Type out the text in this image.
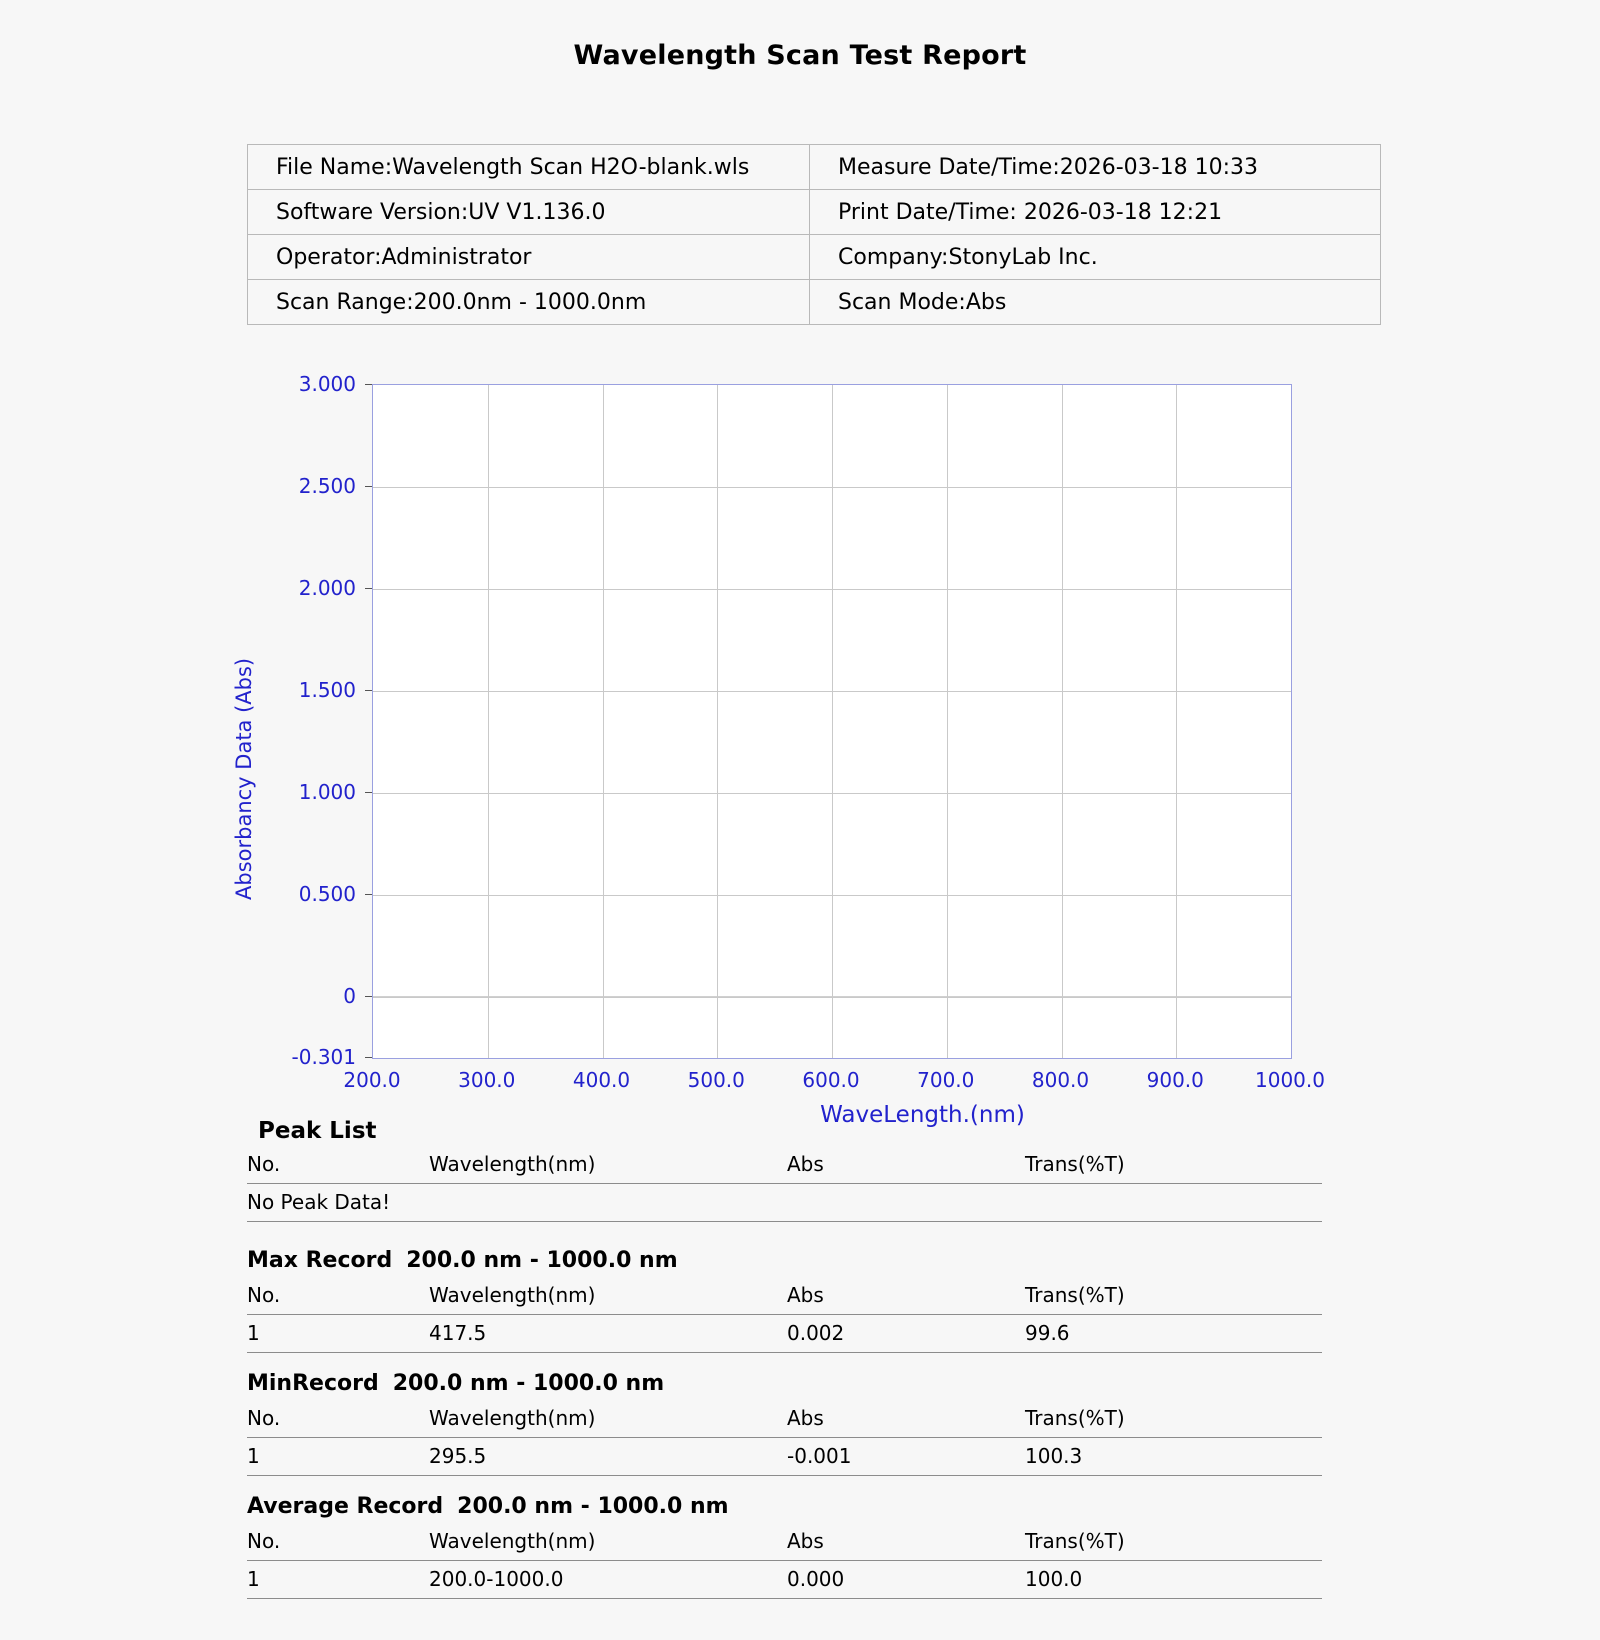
Wavelength Scan Test Report
File Name:Wavelength Scan H2O-blank.wls	Measure Date/Time:2026-03-18 10:33
Software Version:UV V1.136.0	Print Date/Time: 2026-03-18 12:21
Operator:Administrator	Company:StonyLab Inc.
Scan Range:200.0nm - 1000.0nm	Scan Mode:Abs
Absorbancy Data (Abs)
3.000
2.500
2.000
1.500
1.000
0.500
0
-0.301
200.0	300.0	400.0	500.0	600.0	700.0	800.0	900.0	1000.0
WaveLength.(nm)
Peak List
No.	Wavelength(nm)	Abs	Trans(%T)
No Peak Data!
Max Record 200.0 nm - 1000.0 nm
No.	Wavelength(nm)	Abs	Trans(%T)
1	417.5	0.002	99.6
MinRecord 200.0 nm - 1000.0 nm
No.	Wavelength(nm)	Abs	Trans(%T)
1	295.5	-0.001	100.3
Average Record 200.0 nm - 1000.0 nm
No.	Wavelength(nm)	Abs	Trans(%T)
1	200.0-1000.0	0.000	100.0
